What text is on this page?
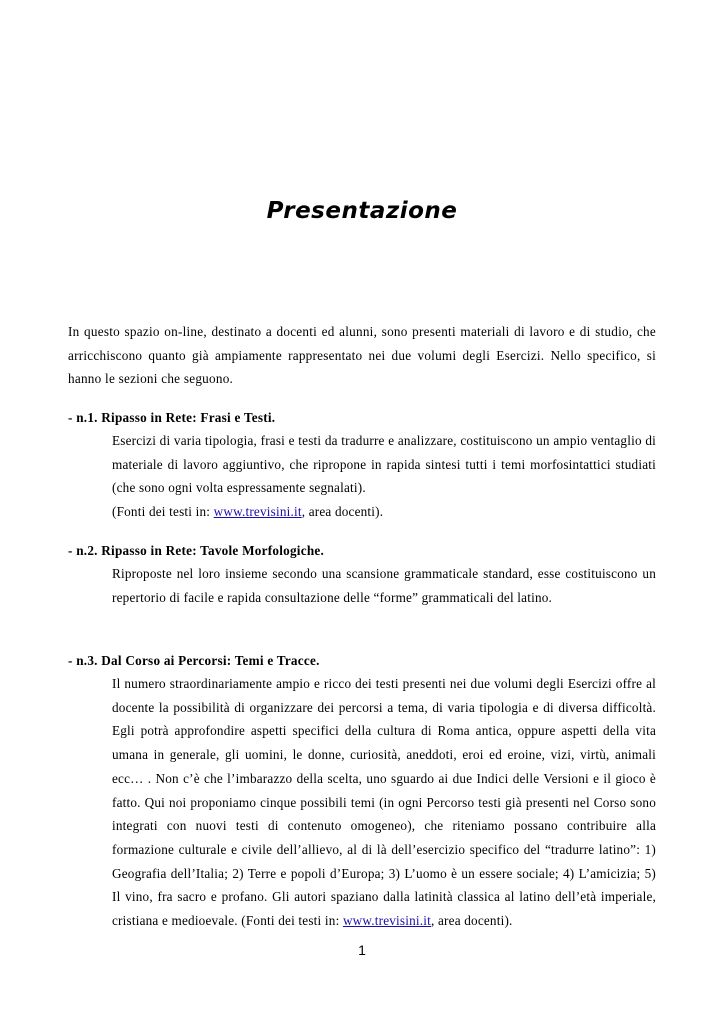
Presentazione
In questo spazio on-line, destinato a docenti ed alunni, sono presenti materiali di lavoro e di studio, che arricchiscono quanto già ampiamente rappresentato nei due volumi degli Esercizi. Nello specifico, si hanno le sezioni che seguono.
- n.1. Ripasso in Rete: Frasi e Testi.
Esercizi di varia tipologia, frasi e testi da tradurre e analizzare, costituiscono un ampio ventaglio di materiale di lavoro aggiuntivo, che ripropone in rapida sintesi tutti i temi morfosintattici studiati (che sono ogni volta espressamente segnalati).
(Fonti dei testi in: www.trevisini.it, area docenti).
- n.2. Ripasso in Rete: Tavole Morfologiche.
Riproposte nel loro insieme secondo una scansione grammaticale standard, esse costituiscono un repertorio di facile e rapida consultazione delle “forme” grammaticali del latino.
- n.3. Dal Corso ai Percorsi: Temi e Tracce.
Il numero straordinariamente ampio e ricco dei testi presenti nei due volumi degli Esercizi offre al docente la possibilità di organizzare dei percorsi a tema, di varia tipologia e di diversa difficoltà. Egli potrà approfondire aspetti specifici della cultura di Roma antica, oppure aspetti della vita umana in generale, gli uomini, le donne, curiosità, aneddoti, eroi ed eroine, vizi, virtù, animali ecc… . Non c’è che l’imbarazzo della scelta, uno sguardo ai due Indici delle Versioni e il gioco è fatto. Qui noi proponiamo cinque possibili temi (in ogni Percorso testi già presenti nel Corso sono integrati con nuovi testi di contenuto omogeneo), che riteniamo possano contribuire alla formazione culturale e civile dell’allievo, al di là dell’esercizio specifico del “tradurre latino”: 1) Geografia dell’Italia; 2) Terre e popoli d’Europa; 3) L’uomo è un essere sociale; 4) L’amicizia; 5) Il vino, fra sacro e profano. Gli autori spaziano dalla latinità classica al latino dell’età imperiale, cristiana e medioevale. (Fonti dei testi in: www.trevisini.it, area docenti).
1
